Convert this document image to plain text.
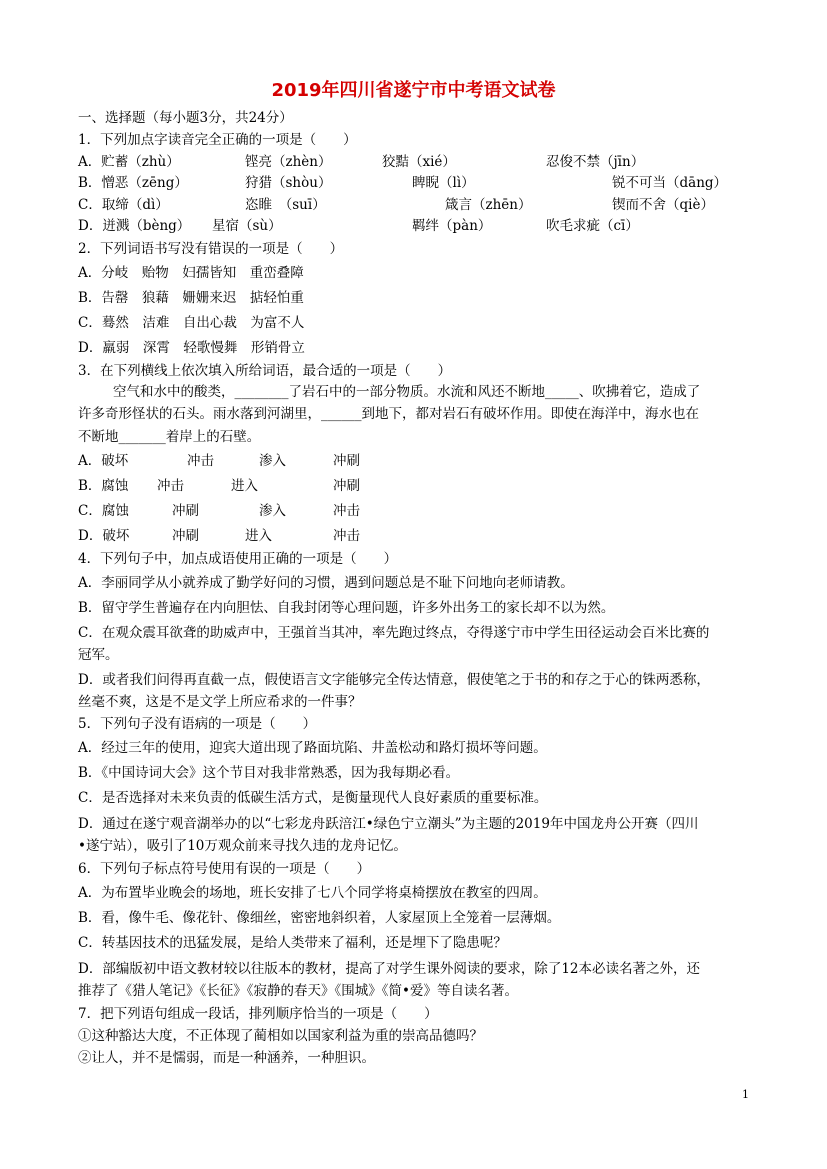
2019年四川省遂宁市中考语文试卷
一、选择题（每小题3分，共24分）
1．下列加点字读音完全正确的一项是（　　）
A．贮蓄（zhù）	铿亮（zhèn）	狡黠（xié）	忍俊不禁（jīn）
B．憎恶（zēng）	狩猎（shòu）	睥睨（lì）	锐不可当（dāng）
C．取缔（dì）	恣睢　（suī）	箴言（zhēn）	锲而不舍（qiè）
D．迸溅（bèng） 星宿（sù）	羁绊（pàn）	吹毛求疵（cī）
2．下列词语书写没有错误的一项是（　　）
A．分岐　贻物　妇孺皆知　重峦叠障
B．告罄　狼藉　姗姗来迟　掂轻怕重
C．蓦然　洁难　自出心裁　为富不人
D．羸弱　深霄　轻歌慢舞　形销骨立
3．在下列横线上依次填入所给词语，最合适的一项是（　　）
空气和水中的酸类，________了岩石中的一部分物质。水流和风还不断地_____、吹拂着它，造成了
许多奇形怪状的石头。雨水落到河湖里，______到地下，都对岩石有破坏作用。即使在海洋中，海水也在
不断地_______着岸上的石壁。
A．破坏	冲击	渗入	冲刷
B．腐蚀 冲击	进入	冲刷
C．腐蚀	冲刷	渗入	冲击
D．破坏	冲刷	进入	冲击
4．下列句子中，加点成语使用正确的一项是（　　）
A．李丽同学从小就养成了勤学好问的习惯，遇到问题总是不耻下问地向老师请教。
B．留守学生普遍存在内向胆怯、自我封闭等心理问题，许多外出务工的家长却不以为然。
C．在观众震耳欲聋的助威声中，王强首当其冲，率先跑过终点，夺得遂宁市中学生田径运动会百米比赛的
冠军。
D．或者我们问得再直截一点，假使语言文字能够完全传达情意，假使笔之于书的和存之于心的铢两悉称，
丝毫不爽，这是不是文学上所应希求的一件事？
5．下列句子没有语病的一项是（　　）
A．经过三年的使用，迎宾大道出现了路面坑陷、井盖松动和路灯损坏等问题。
B．《中国诗词大会》这个节目对我非常熟悉，因为我每期必看。
C．是否选择对未来负责的低碳生活方式，是衡量现代人良好素质的重要标准。
D．通过在遂宁观音湖举办的以“七彩龙舟跃涪江•绿色宁立潮头”为主题的2019年中国龙舟公开赛（四川
•遂宁站），吸引了10万观众前来寻找久违的龙舟记忆。
6．下列句子标点符号使用有误的一项是（　　）
A．为布置毕业晚会的场地，班长安排了七八个同学将桌椅摆放在教室的四周。
B．看，像牛毛、像花针、像细丝，密密地斜织着，人家屋顶上全笼着一层薄烟。
C．转基因技术的迅猛发展，是给人类带来了福利，还是埋下了隐患呢？
D．部编版初中语文教材较以往版本的教材，提高了对学生课外阅读的要求，除了12本必读名著之外，还
推荐了《猎人笔记》《长征》《寂静的春天》《围城》《简•爱》等自读名著。
7．把下列语句组成一段话，排列顺序恰当的一项是（　　）
①这种豁达大度，不正体现了蔺相如以国家利益为重的崇高品德吗？
②让人，并不是懦弱，而是一种涵养，一种胆识。
1
